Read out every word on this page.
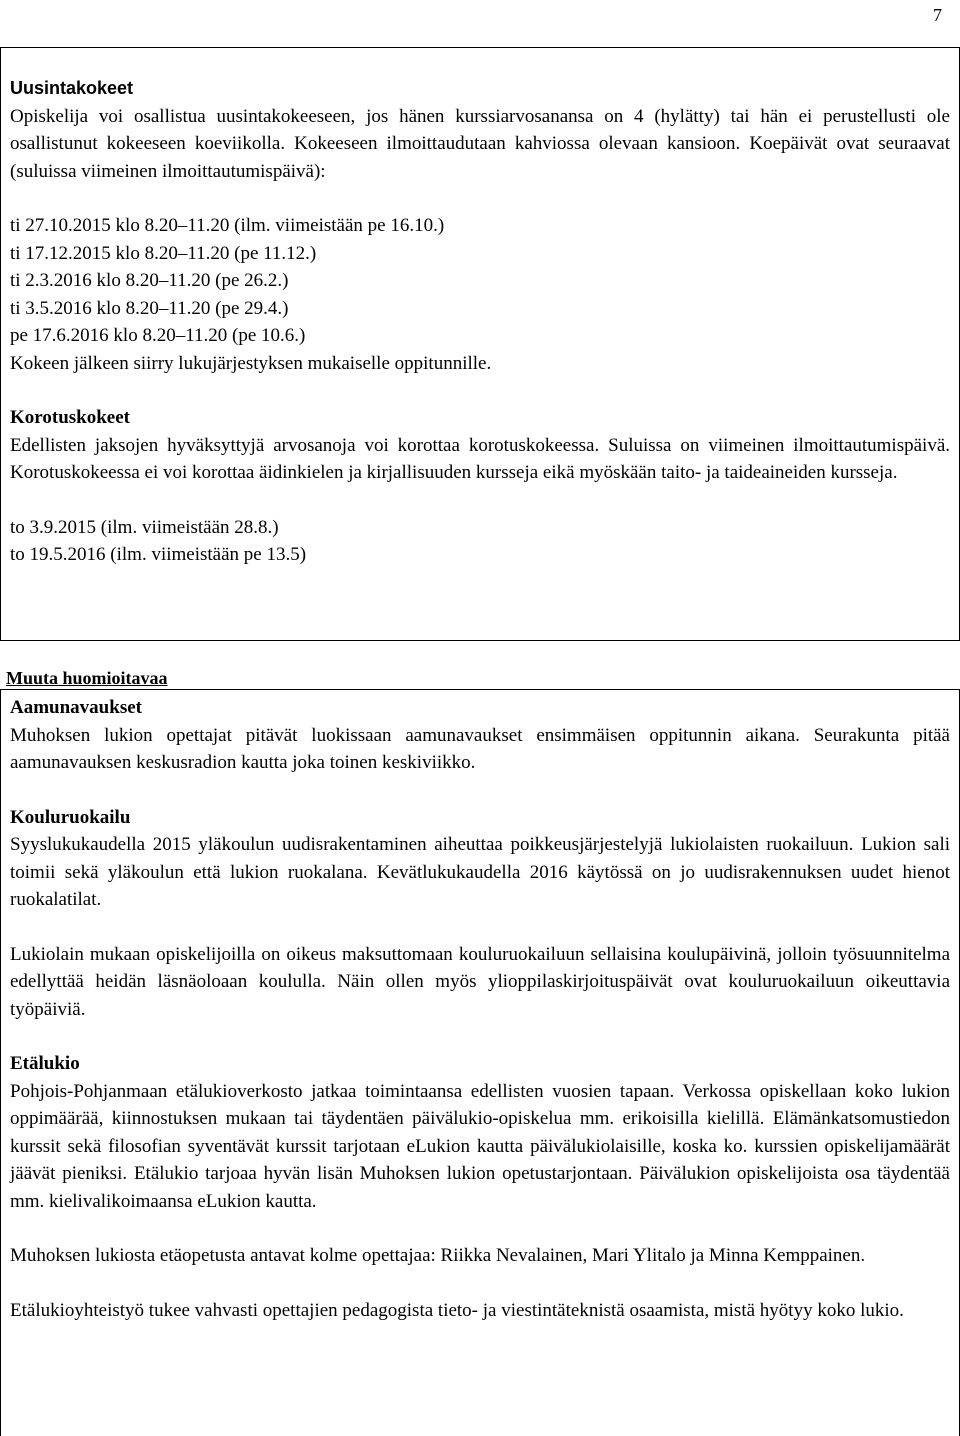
7
Uusintakokeet

Opiskelija voi osallistua uusintakokeeseen, jos hänen kurssiarvosanansa on 4 (hylätty) tai hän ei perustellusti ole osallistunut kokeeseen koeviikolla. Kokeeseen ilmoittaudutaan kahviossa olevaan kansioon. Koepäivät ovat seuraavat (suluissa viimeinen ilmoittautumispäivä):

ti 27.10.2015 klo 8.20–11.20 (ilm. viimeistään pe 16.10.)

ti 17.12.2015 klo 8.20–11.20 (pe 11.12.)

ti 2.3.2016 klo 8.20–11.20 (pe 26.2.)

ti 3.5.2016 klo 8.20–11.20 (pe 29.4.)

pe 17.6.2016 klo 8.20–11.20 (pe 10.6.)

Kokeen jälkeen siirry lukujärjestyksen mukaiselle oppitunnille.

Korotuskokeet

Edellisten jaksojen hyväksyttyjä arvosanoja voi korottaa korotuskokeessa. Suluissa on viimeinen ilmoittautumispäivä. Korotuskokeessa ei voi korottaa äidinkielen ja kirjallisuuden kursseja eikä myöskään taito- ja taideaineiden kursseja.

to 3.9.2015 (ilm. viimeistään 28.8.)

to 19.5.2016 (ilm. viimeistään pe 13.5)

Muuta huomioitavaa
Aamunavaukset

Muhoksen lukion opettajat pitävät luokissaan aamunavaukset ensimmäisen oppitunnin aikana. Seurakunta pitää aamunavauksen keskusradion kautta joka toinen keskiviikko.

Kouluruokailu

Syyslukukaudella 2015 yläkoulun uudisrakentaminen aiheuttaa poikkeusjärjestelyjä lukiolaisten ruokailuun. Lukion sali toimii sekä yläkoulun että lukion ruokalana. Kevätlukukaudella 2016 käytössä on jo uudisrakennuksen uudet hienot ruokalatilat.

Lukiolain mukaan opiskelijoilla on oikeus maksuttomaan kouluruokailuun sellaisina koulupäivinä, jolloin työsuunnitelma edellyttää heidän läsnäoloaan koululla. Näin ollen myös ylioppilaskirjoituspäivät ovat kouluruokailuun oikeuttavia työpäiviä.

Etälukio

Pohjois-Pohjanmaan etälukioverkosto jatkaa toimintaansa edellisten vuosien tapaan. Verkossa opiskellaan koko lukion oppimäärää, kiinnostuksen mukaan tai täydentäen päivälukio-opiskelua mm. erikoisilla kielillä. Elämänkatsomustiedon kurssit sekä filosofian syventävät kurssit tarjotaan eLukion kautta päivälukiolaisille, koska ko. kurssien opiskelijamäärät jäävät pieniksi. Etälukio tarjoaa hyvän lisän Muhoksen lukion opetustarjontaan. Päivälukion opiskelijoista osa täydentää mm. kielivalikoimaansa eLukion kautta.

Muhoksen lukiosta etäopetusta antavat kolme opettajaa: Riikka Nevalainen, Mari Ylitalo ja Minna Kemppainen.

Etälukioyhteistyö tukee vahvasti opettajien pedagogista tieto- ja viestintäteknistä osaamista, mistä hyötyy koko lukio.
